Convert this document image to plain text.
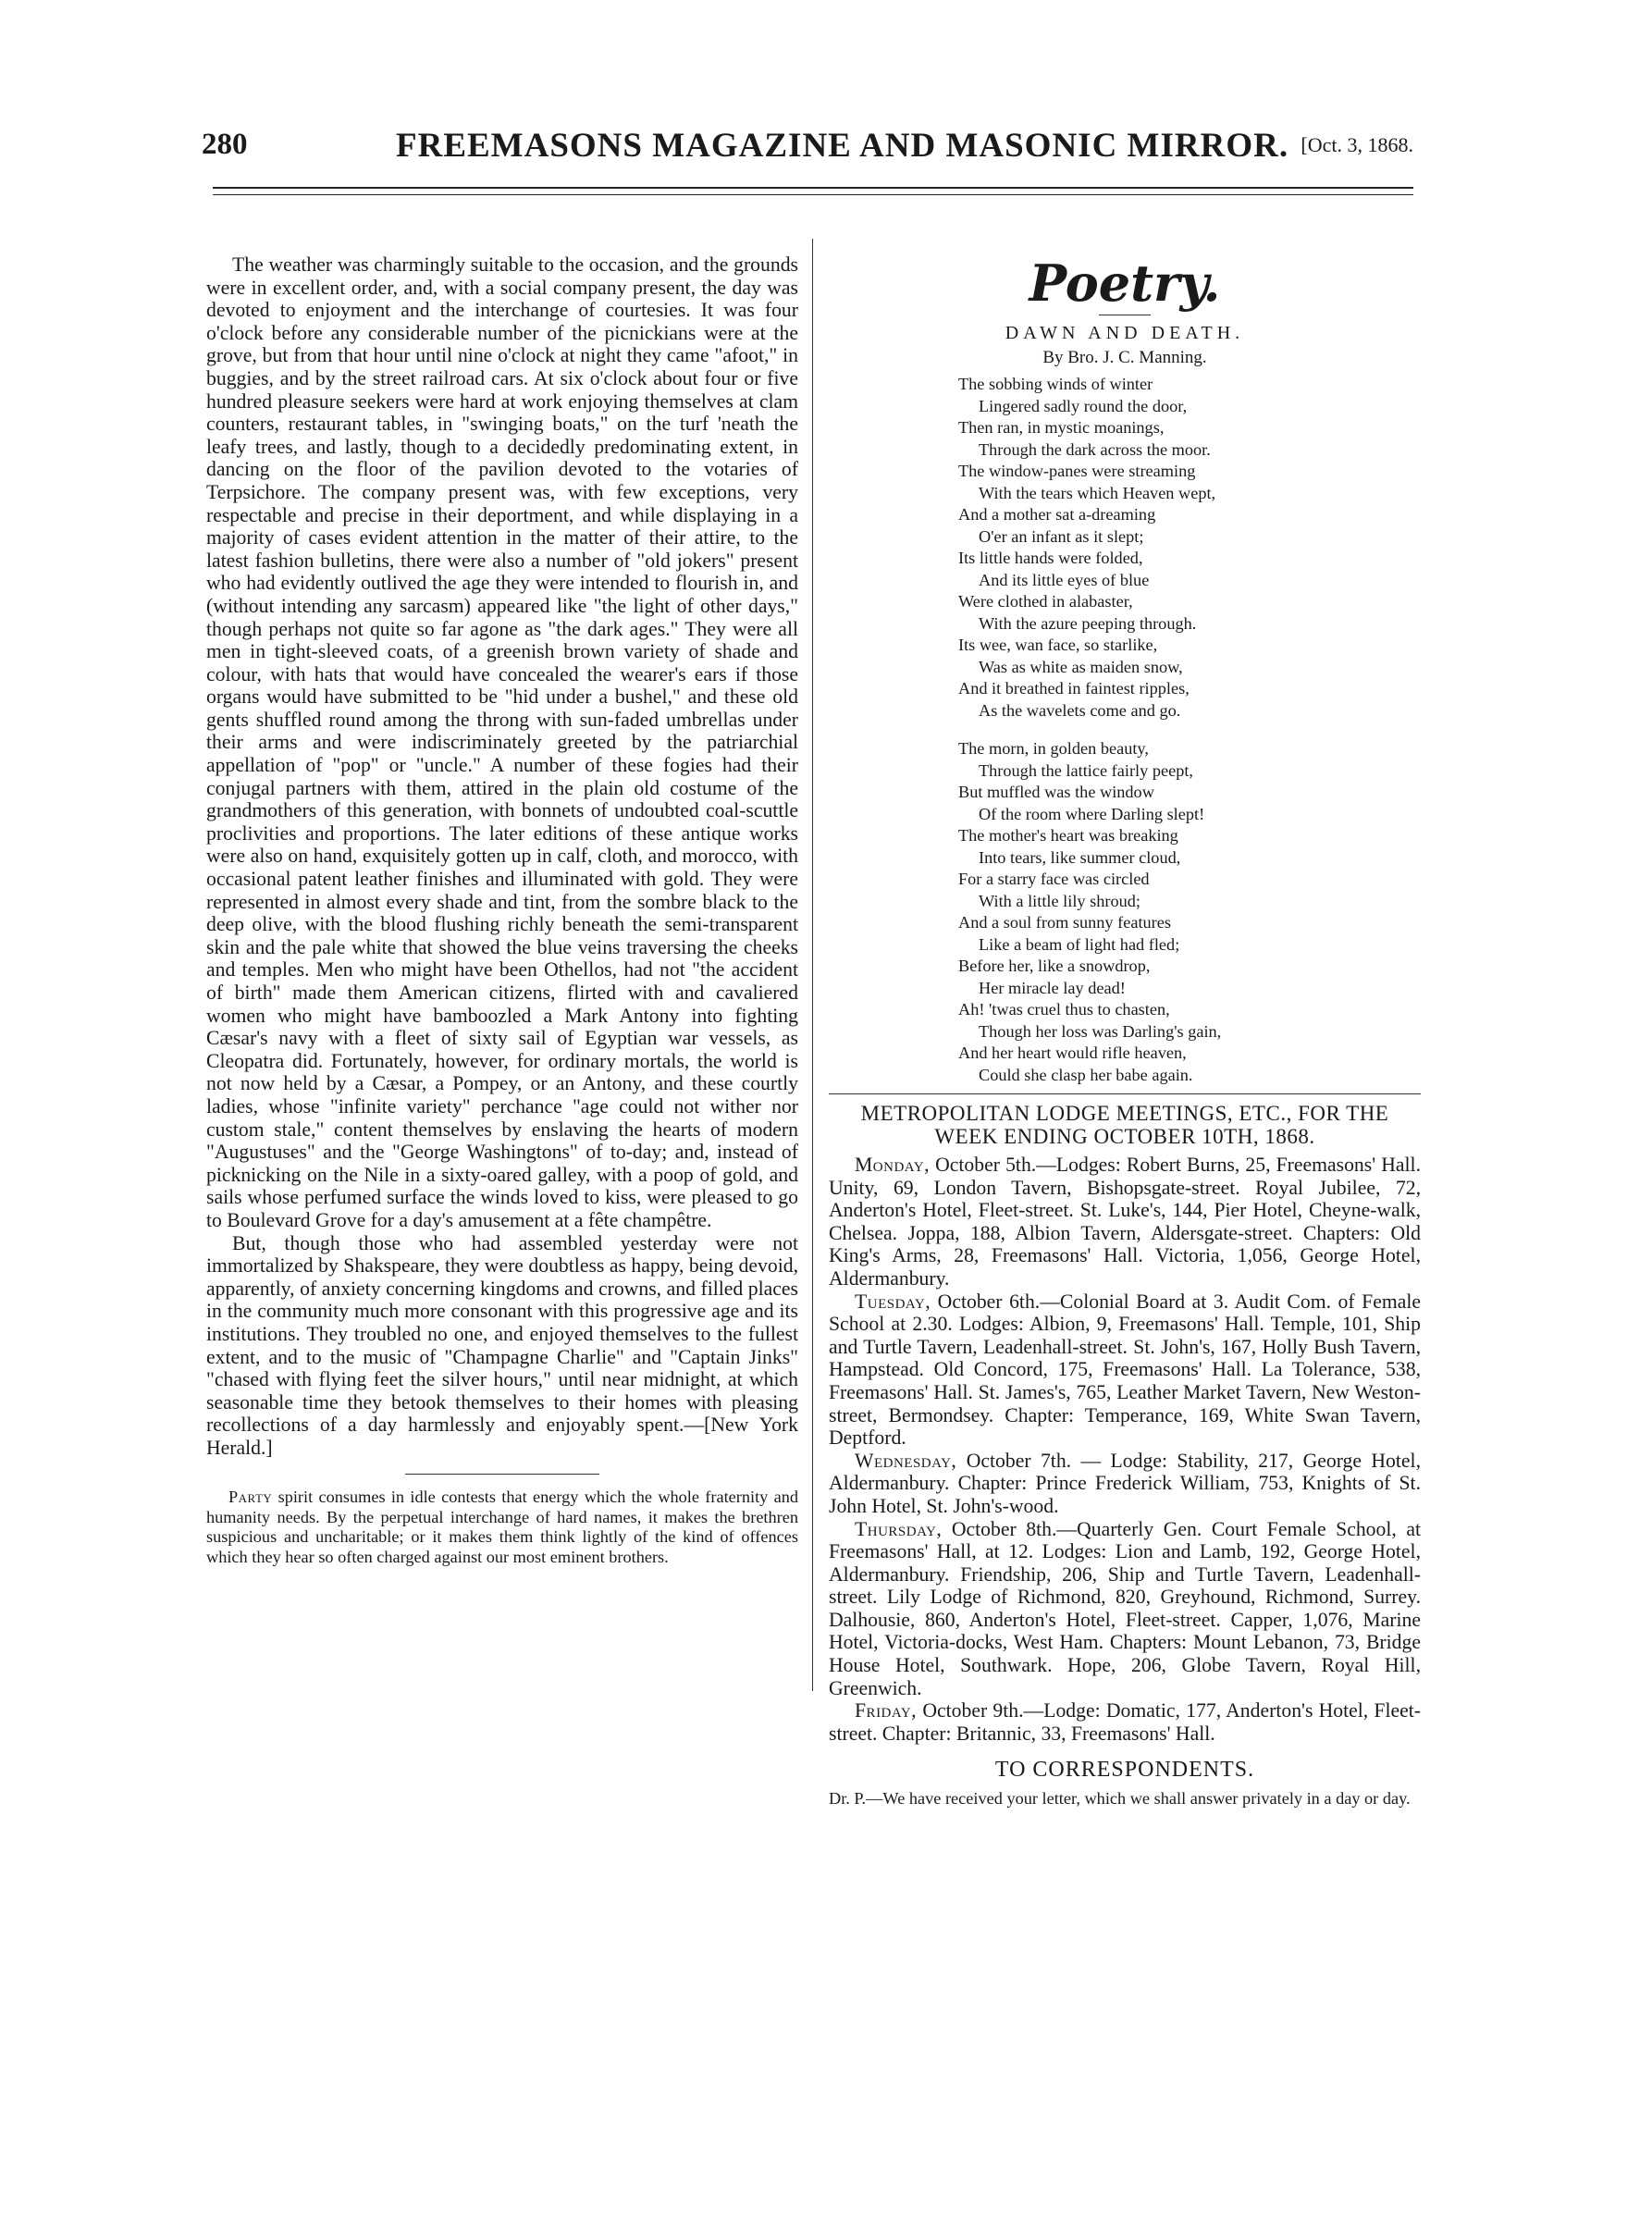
280	FREEMASONS MAGAZINE AND MASONIC MIRROR. [Oct. 3, 1868.

The weather was charmingly suitable to the occasion, and the grounds were in excellent order, and, with a social company present, the day was devoted to enjoyment and the interchange of courtesies. It was four o'clock before any considerable number of the picnickians were at the grove, but from that hour until nine o'clock at night they came "afoot," in buggies, and by the street railroad cars. At six o'clock about four or five hundred pleasure seekers were hard at work enjoying themselves at clam counters, restaurant tables, in "swinging boats," on the turf 'neath the leafy trees, and lastly, though to a decidedly predominating extent, in dancing on the floor of the pavilion devoted to the votaries of Terpsichore. The company present was, with few exceptions, very respectable and precise in their deportment, and while displaying in a majority of cases evident attention in the matter of their attire, to the latest fashion bulletins, there were also a number of "old jokers" present who had evidently outlived the age they were intended to flourish in, and (without intending any sarcasm) appeared like "the light of other days," though perhaps not quite so far agone as "the dark ages." They were all men in tight-sleeved coats, of a greenish brown variety of shade and colour, with hats that would have concealed the wearer's ears if those organs would have submitted to be "hid under a bushel," and these old gents shuffled round among the throng with sun-faded umbrellas under their arms and were indiscriminately greeted by the patriarchial appellation of "pop" or "uncle." A number of these fogies had their conjugal partners with them, attired in the plain old costume of the grandmothers of this generation, with bonnets of undoubted coal-scuttle proclivities and proportions. The later editions of these antique works were also on hand, exquisitely gotten up in calf, cloth, and morocco, with occasional patent leather finishes and illuminated with gold. They were represented in almost every shade and tint, from the sombre black to the deep olive, with the blood flushing richly beneath the semi-transparent skin and the pale white that showed the blue veins traversing the cheeks and temples. Men who might have been Othellos, had not "the accident of birth" made them American citizens, flirted with and cavaliered women who might have bamboozled a Mark Antony into fighting Cæsar's navy with a fleet of sixty sail of Egyptian war vessels, as Cleopatra did. Fortunately, however, for ordinary mortals, the world is not now held by a Cæsar, a Pompey, or an Antony, and these courtly ladies, whose "infinite variety" perchance "age could not wither nor custom stale," content themselves by enslaving the hearts of modern "Augustuses" and the "George Washingtons" of to-day; and, instead of picknicking on the Nile in a sixty-oared galley, with a poop of gold, and sails whose perfumed surface the winds loved to kiss, were pleased to go to Boulevard Grove for a day's amusement at a fête champêtre.

But, though those who had assembled yesterday were not immortalized by Shakspeare, they were doubtless as happy, being devoid, apparently, of anxiety concerning kingdoms and crowns, and filled places in the community much more consonant with this progressive age and its institutions. They troubled no one, and enjoyed themselves to the fullest extent, and to the music of "Champagne Charlie" and "Captain Jinks" "chased with flying feet the silver hours," until near midnight, at which seasonable time they betook themselves to their homes with pleasing recollections of a day harmlessly and enjoyably spent.—[New York Herald.]

Party spirit consumes in idle contests that energy which the whole fraternity and humanity needs. By the perpetual interchange of hard names, it makes the brethren suspicious and uncharitable; or it makes them think lightly of the kind of offences which they hear so often charged against our most eminent brothers.

Poetry.
DAWN AND DEATH.
By Bro. J. C. Manning.
The sobbing winds of winter
Lingered sadly round the door,
Then ran, in mystic moanings,
Through the dark across the moor.
The window-panes were streaming
With the tears which Heaven wept,
And a mother sat a-dreaming
O'er an infant as it slept;
Its little hands were folded,
And its little eyes of blue
Were clothed in alabaster,
With the azure peeping through.
Its wee, wan face, so starlike,
Was as white as maiden snow,
And it breathed in faintest ripples,
As the wavelets come and go.
The morn, in golden beauty,
Through the lattice fairly peept,
But muffled was the window
Of the room where Darling slept!
The mother's heart was breaking
Into tears, like summer cloud,
For a starry face was circled
With a little lily shroud;
And a soul from sunny features
Like a beam of light had fled;
Before her, like a snowdrop,
Her miracle lay dead!
Ah! 'twas cruel thus to chasten,
Though her loss was Darling's gain,
And her heart would rifle heaven,
Could she clasp her babe again.
METROPOLITAN LODGE MEETINGS, ETC., FOR THE WEEK ENDING OCTOBER 10TH, 1868.

Monday, October 5th.—Lodges: Robert Burns, 25, Freemasons' Hall. Unity, 69, London Tavern, Bishopsgate-street. Royal Jubilee, 72, Anderton's Hotel, Fleet-street. St. Luke's, 144, Pier Hotel, Cheyne-walk, Chelsea. Joppa, 188, Albion Tavern, Aldersgate-street. Chapters: Old King's Arms, 28, Freemasons' Hall. Victoria, 1,056, George Hotel, Aldermanbury.

Tuesday, October 6th.—Colonial Board at 3. Audit Com. of Female School at 2.30. Lodges: Albion, 9, Freemasons' Hall. Temple, 101, Ship and Turtle Tavern, Leadenhall-street. St. John's, 167, Holly Bush Tavern, Hampstead. Old Concord, 175, Freemasons' Hall. La Tolerance, 538, Freemasons' Hall. St. James's, 765, Leather Market Tavern, New Weston-street, Bermondsey. Chapter: Temperance, 169, White Swan Tavern, Deptford.

Wednesday, October 7th. — Lodge: Stability, 217, George Hotel, Aldermanbury. Chapter: Prince Frederick William, 753, Knights of St. John Hotel, St. John's-wood.

Thursday, October 8th.—Quarterly Gen. Court Female School, at Freemasons' Hall, at 12. Lodges: Lion and Lamb, 192, George Hotel, Aldermanbury. Friendship, 206, Ship and Turtle Tavern, Leadenhall-street. Lily Lodge of Richmond, 820, Greyhound, Richmond, Surrey. Dalhousie, 860, Anderton's Hotel, Fleet-street. Capper, 1,076, Marine Hotel, Victoria-docks, West Ham. Chapters: Mount Lebanon, 73, Bridge House Hotel, Southwark. Hope, 206, Globe Tavern, Royal Hill, Greenwich.

Friday, October 9th.—Lodge: Domatic, 177, Anderton's Hotel, Fleet-street. Chapter: Britannic, 33, Freemasons' Hall.

TO CORRESPONDENTS.

Dr. P.—We have received your letter, which we shall answer privately in a day or day.
